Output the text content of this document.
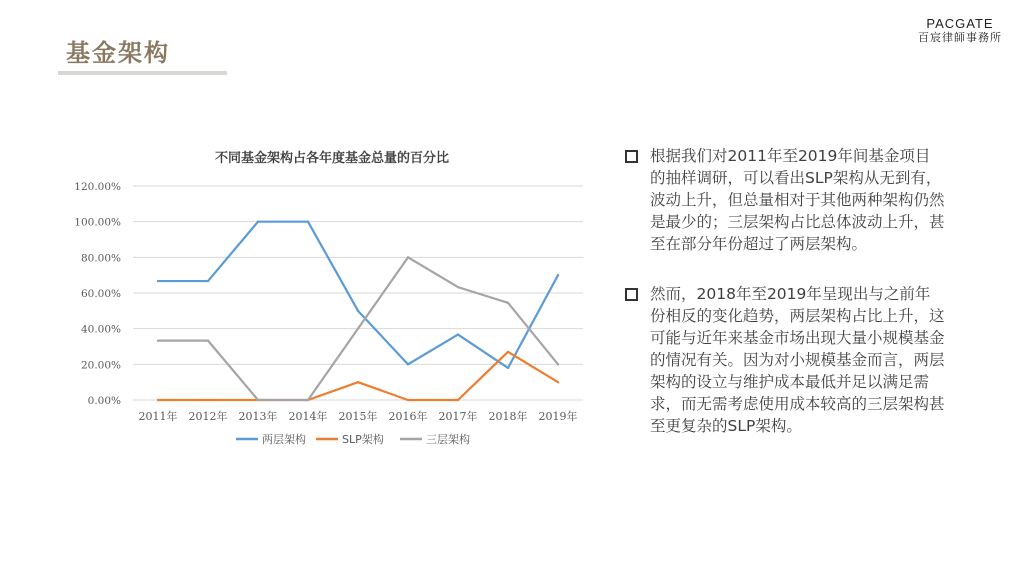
基金架构
PACGATE
百宸律師事務所
不同基金架构占各年度基金总量的百分比
0.00%
20.00%
40.00%
60.00%
80.00%
100.00%
120.00%
2011年 2012年 2013年 2014年 2015年 2016年 2017年 2018年 2019年
两层架构	SLP架构	三层架构
根据我们对2011年至2019年间基金项目的抽样调研，可以看出SLP架构从无到有，波动上升，但总量相对于其他两种架构仍然是最少的；三层架构占比总体波动上升，甚至在部分年份超过了两层架构。
然而，2018年至2019年呈现出与之前年份相反的变化趋势，两层架构占比上升，这可能与近年来基金市场出现大量小规模基金的情况有关。因为对小规模基金而言，两层架构的设立与维护成本最低并足以满足需求，而无需考虑使用成本较高的三层架构甚至更复杂的SLP架构。
